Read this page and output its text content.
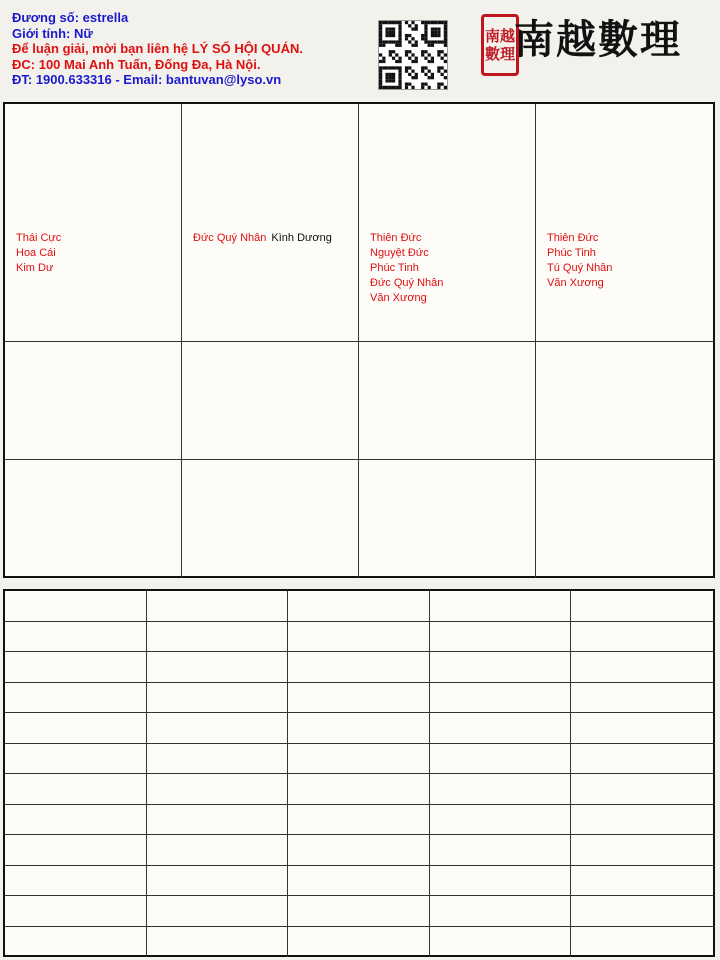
Đương số: estrella
Giới tính: Nữ
Để luận giải, mời bạn liên hệ LÝ SỐ HỘI QUÁN.
ĐC: 100 Mai Anh Tuấn, Đống Đa, Hà Nội.
ĐT: 1900.633316 - Email: bantuvan@lyso.vn
南越
數理 南越數理
Thái Cực
Hoa Cái
Kim Dư
Đức Quý Nhân Kình Dương	Thiên Đức
Nguyệt Đức
Phúc Tinh
Đức Quý Nhân
Văn Xương
Thiên Đức
Phúc Tinh
Tú Quý Nhân
Văn Xương
